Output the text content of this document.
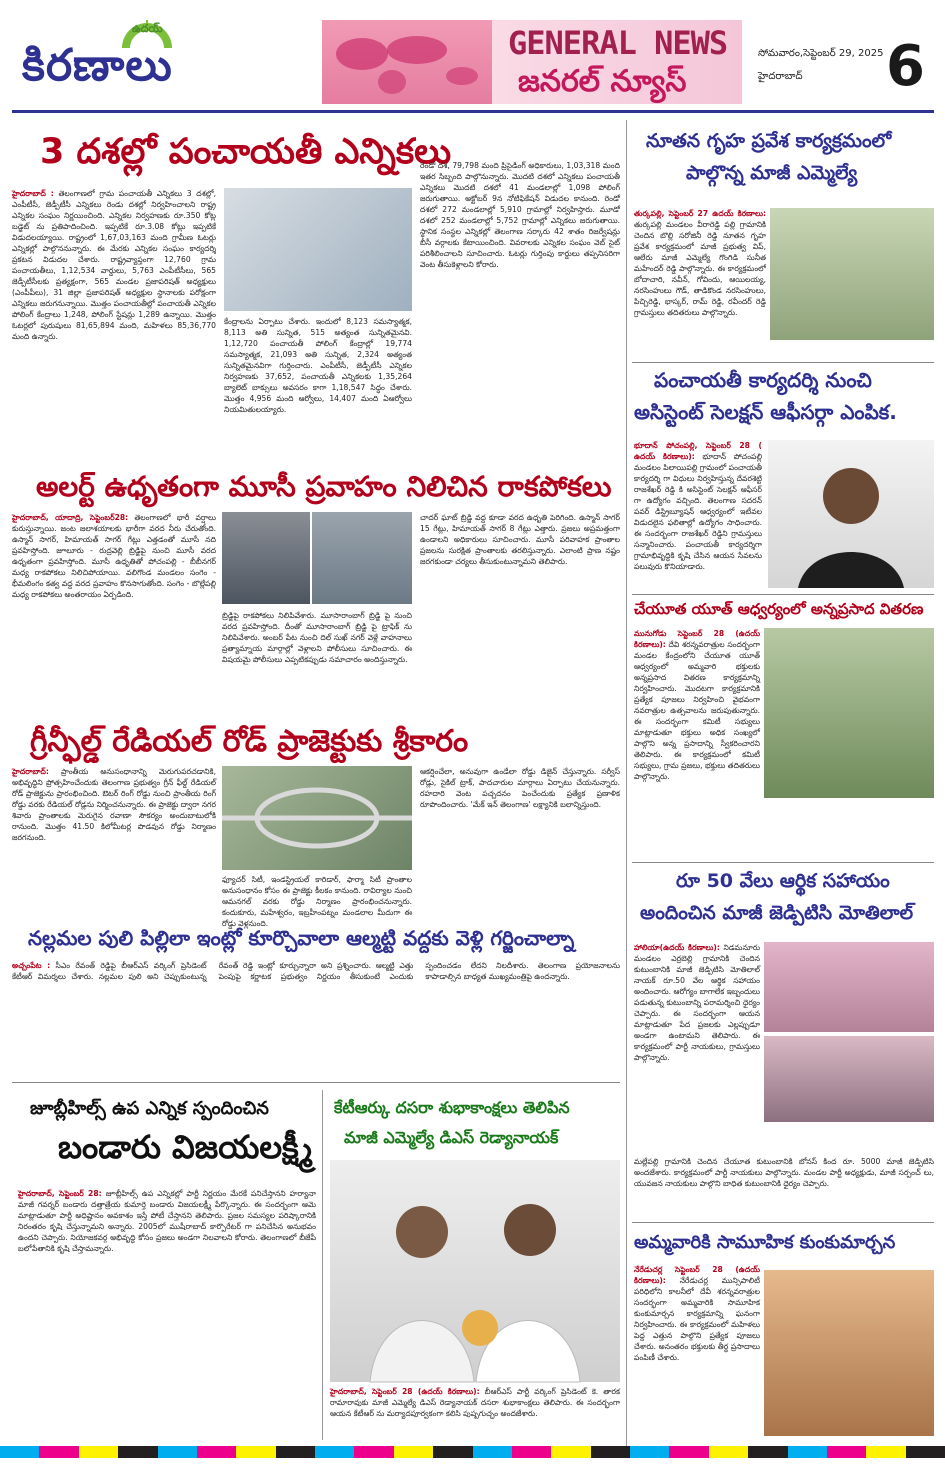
ఉదయ్
కిరణాలు	GENERAL NEWS
జనరల్ న్యూస్
సోమవారం,సెప్టెంబర్ 29, 2025
హైదరాబాద్ 6
3 దశల్లో పంచాయతీ ఎన్నికలు
హైదరాబాద్ : తెలంగాణలో గ్రామ పంచాయతీ ఎన్నికలు 3 దశల్లో, ఎంపీటీసీ, జెడ్పీటీసీ ఎన్నికలు రెండు దశల్లో నిర్వహించాలని రాష్ట్ర ఎన్నికల సంఘం నిర్ణయించింది. ఎన్నికల నిర్వహణకు రూ.350 కోట్ల బడ్జెట్ ను ప్రతిపాదించింది. ఇప్పటికే రూ.3.08 కోట్లు ఇప్పటికే విడుదలయ్యాయి. రాష్ట్రంలో 1,67,03,163 మంది గ్రామీణ ఓటర్లు ఎన్నికల్లో పాల్గొననున్నారు. ఈ మేరకు ఎన్నికల సంఘం కార్యదర్శి ప్రకటన విడుదల చేశారు. రాష్ట్రవ్యాప్తంగా 12,760 గ్రామ పంచాయతీలు, 1,12,534 వార్డులు, 5,763 ఎంపీటీసీలు, 565 జెడ్పీటీసీలకు ప్రత్యక్షంగా, 565 మండల ప్రజాపరిషత్ అధ్యక్షులు (ఎంపీపీలు), 31 జిల్లా ప్రజాపరిషత్ అధ్యక్షుల స్థానాలకు పరోక్షంగా ఎన్నికలు జరుగనున్నాయి. మొత్తం పంచాయతీల్లో పంచాయతీ ఎన్నికల పోలింగ్ కేంద్రాలు 1,248, పోలింగ్ స్టేషన్లు 1,289 ఉన్నాయి. మొత్తం ఓటర్లలో పురుషులు 81,65,894 మంది, మహిళలు 85,36,770 మంది ఉన్నారు.
కేంద్రాలను ఏర్పాటు చేశారు. ఇందులో 8,123 సమస్యాత్మక, 8,113 అతి సున్నిత, 515 అత్యంత సున్నితమైనవి. 1,12,720 పంచాయతీ పోలింగ్ కేంద్రాల్లో 19,774 సమస్యాత్మక, 21,093 అతి సున్నిత, 2,324 అత్యంత సున్నితమైనవిగా గుర్తించారు. ఎంపీటీసీ, జెడ్పీటీసీ ఎన్నికల నిర్వహణకు 37,652, పంచాయతీ ఎన్నికలకు 1,35,264 బ్యాలెట్ బాక్సులు అవసరం కాగా 1,18,547 సిద్ధం చేశారు. మొత్తం 4,956 మంది ఆర్వోలు, 14,407 మంది ఏఆర్వోలు నియమితులయ్యారు.
రెండో దశ, 79,798 మంది ప్రిసైడింగ్ అధికారులు, 1,03,318 మంది ఇతర సిబ్బంది పాల్గొనున్నారు. మొదటి దశలో ఎన్నికలు పంచాయతీ ఎన్నికలు మొదటి దశలో 41 మండలాల్లో 1,098 పోలింగ్ జరుగుతాయి. అక్టోబర్ 9న నోటిఫికేషన్ విడుదల కానుంది. రెండో దశలో 272 మండలాల్లో 5,910 గ్రామాల్లో నిర్వహిస్తారు. మూడో దశలో 252 మండలాల్లో 5,752 గ్రామాల్లో ఎన్నికలు జరుగుతాయి. స్థానిక సంస్థల ఎన్నికల్లో తెలంగాణ సర్కారు 42 శాతం రిజర్వేషన్లు బీసీ వర్గాలకు కేటాయించింది. వివరాలకు ఎన్నికల సంఘం వెబ్ సైట్ పరిశీలించాలని సూచించారు. ఓటర్లు గుర్తింపు కార్డులు తప్పనిసరిగా వెంట తీసుకెళ్లాలని కోరారు.
నూతన గృహ ప్రవేశ కార్యక్రమంలో
పాల్గొన్న మాజీ ఎమ్మెల్యే
తుర్కపల్లి, సెప్టెంబర్ 27 ఉదయ్ కిరణాలు: తుర్కపల్లి మండలం వీరారెడ్డి పల్లి గ్రామానికి చెందిన బొల్లి సరోజినీ రెడ్డి నూతన గృహ ప్రవేశ కార్యక్రమంలో మాజీ ప్రభుత్వ విప్, ఆలేరు మాజీ ఎమ్మెల్యే గొంగిడి సునీత మహేందర్ రెడ్డి పాల్గొన్నారు. ఈ కార్యక్రమంలో బోదాచారి, నవీన్, గోవిందు, ఆయిలయ్య, నరసింహులు గౌడ్, తాడికొండ నరసింహులు, పిచ్చిరెడ్డి, భాస్కర్, రామ్ రెడ్డి, రవీందర్ రెడ్డి గ్రామస్తులు తదితరులు పాల్గొన్నారు.
పంచాయతీ కార్యదర్శి నుంచి
అసిస్టెంట్ సెలక్షన్ ఆఫీసర్గా ఎంపిక.
భూదాన్ పోచంపల్లి, సెప్టెంబర్ 28 ( ఉదయ్ కిరణాలు): భూదాన్ పోచంపల్లి మండలం పిలాయిపల్లి గ్రామంలో పంచాయతీ కార్యదర్శి గా విధులు నిర్వహిస్తున్న దేవరశెట్టి రాజశేఖర్ రెడ్డి కి అసిస్టెంట్ సెలక్షన్ ఆఫీసర్ గా ఉద్యోగం వచ్చింది. తెలంగాణ సదరన్ పవర్ డిస్ట్రిబ్యూషన్ ఆధ్వర్యంలో ఇటీవల విడుదలైన ఫలితాల్లో ఉద్యోగం సాధించారు. ఈ సందర్భంగా రాజశేఖర్ రెడ్డిని గ్రామస్తులు సన్మానించారు. పంచాయతీ కార్యదర్శిగా గ్రామాభివృద్ధికి కృషి చేసిన ఆయన సేవలను పలువురు కొనియాడారు.
అలర్ట్ ఉధృతంగా మూసీ ప్రవాహం నిలిచిన రాకపోకలు
హైదరాబాద్, యాదాద్రి, సెప్టెంబర్28: తెలంగాణలో భారీ వర్షాలు కురుస్తున్నాయి. జంట జలాశయాలకు భారీగా వరద నీరు చేరుతోంది. ఉస్మాన్ సాగర్, హిమాయత్ సాగర్ గేట్లు ఎత్తడంతో మూసీ నది ప్రవహిస్తోంది. జూలూరు - రుద్రవెల్లి బ్రిడ్జిపై నుంచి మూసీ వరద ఉధృతంగా ప్రవహిస్తోంది. మూసీ ఉధృతితో పోచంపల్లి - బీబీనగర్ మధ్య రాకపోకలు నిలిచిపోయాయి. వలిగొండ మండలం సంగెం - భీమలింగం కత్వ వద్ద వరద ప్రవాహం కొనసాగుతోంది. సంగెం - బొల్లేపల్లి మధ్య రాకపోకలు అంతరాయం ఏర్పడింది.
బ్రిడ్జిపై రాకపోకలు నిలిపివేశారు. మూసారాంబాగ్ బ్రిడ్జి పై నుంచి వరద ప్రవహిస్తోంది. దీంతో మూసారాంబాగ్ బ్రిడ్జి పై ట్రాఫిక్ ను నిలిపివేశారు. అంబర్ పేట నుంచి దిల్ సుఖ్ నగర్ వెళ్లే వాహనాలు ప్రత్యామ్నాయ మార్గాల్లో వెళ్లాలని పోలీసులు సూచించారు. ఈ విషయమై పోలీసులు ఎప్పటికప్పుడు సమాచారం అందిస్తున్నారు.
చాదర్ ఘాట్ బ్రిడ్జి వద్ద కూడా వరద ఉధృతి పెరిగింది. ఉస్మాన్ సాగర్ 15 గేట్లు, హిమాయత్ సాగర్ 8 గేట్లు ఎత్తారు. ప్రజలు అప్రమత్తంగా ఉండాలని అధికారులు సూచించారు. మూసీ పరివాహక ప్రాంతాల ప్రజలను సురక్షిత ప్రాంతాలకు తరలిస్తున్నారు. ఎలాంటి ప్రాణ నష్టం జరగకుండా చర్యలు తీసుకుంటున్నామని తెలిపారు.
చేయూత యూత్ ఆధ్వర్యంలో అన్నప్రసాద వితరణ
మునుగోడు సెప్టెంబర్ 28 (ఉదయ్ కిరణాలు): దేవి శరన్నవరాత్రుల సందర్భంగా మండల కేంద్రంలోని చేయూత యూత్ ఆధ్వర్యంలో అమ్మవారి భక్తులకు అన్నప్రసాద వితరణ కార్యక్రమాన్ని నిర్వహించారు. మొదటగా కార్యక్రమానికి ప్రత్యేక పూజలు నిర్వహించి వైభవంగా నవరాత్రుల ఉత్సవాలను జరుపుతున్నారు. ఈ సందర్భంగా కమిటీ సభ్యులు మాట్లాడుతూ భక్తులు అధిక సంఖ్యలో పాల్గొని అన్న ప్రసాదాన్ని స్వీకరించారని తెలిపారు. ఈ కార్యక్రమంలో కమిటీ సభ్యులు, గ్రామ ప్రజలు, భక్తులు తదితరులు పాల్గొన్నారు.
గ్రీన్ఫీల్డ్ రేడియల్ రోడ్ ప్రాజెక్టుకు శ్రీకారం
హైదరాబాద్: ప్రాంతీయ అనుసంధానాన్ని మెరుగుపరచడానికి, అభివృద్ధిని ప్రోత్సహించేందుకు తెలంగాణ ప్రభుత్వం గ్రీన్ ఫీల్డ్ రేడియల్ రోడ్ ప్రాజెక్టును ప్రారంభించింది. ఔటర్ రింగ్ రోడ్డు నుంచి ప్రాంతీయ రింగ్ రోడ్డు వరకు రేడియల్ రోడ్లను నిర్మించనున్నారు. ఈ ప్రాజెక్టు ద్వారా నగర శివారు ప్రాంతాలకు మెరుగైన రవాణా సౌకర్యం అందుబాటులోకి రానుంది. మొత్తం 41.50 కిలోమీటర్ల పొడవున రోడ్డు నిర్మాణం జరగనుంది.
ఫ్యూచర్ సిటీ, ఇండస్ట్రియల్ కారిడార్, ఫార్మా సిటీ ప్రాంతాల అనుసంధానం కోసం ఈ ప్రాజెక్టు కీలకం కానుంది. రావిర్యాల నుంచి ఆమనగల్ వరకు రోడ్డు నిర్మాణం ప్రారంభించనున్నారు. కందుకూరు, మహేశ్వరం, ఇబ్రహీంపట్నం మండలాల మీదుగా ఈ రోడ్డు వెళ్లనుంది.
ఆకర్షించేలా, అనువుగా ఉండేలా రోడ్డు డిజైన్ చేస్తున్నారు. సర్వీస్ రోడ్లు, సైకిల్ ట్రాక్, పాదచారుల మార్గాలు ఏర్పాటు చేయనున్నారు. రహదారి వెంట పచ్చదనం పెంచేందుకు ప్రత్యేక ప్రణాళిక రూపొందించారు. 'మేక్ ఇన్ తెలంగాణ' లక్ష్యానికి బలాన్నిస్తుంది.
రూ 50 వేలు ఆర్థిక సహాయం
అందించిన మాజీ జెడ్పిటిసి మోతిలాల్
హాలియా(ఉదయ్ కిరణాలు): నిడమనూరు మండలం ఎర్రబెల్లి గ్రామానికి చెందిన కుటుంబానికి మాజీ జెడ్పిటిసి మోతిలాల్ నాయక్ రూ.50 వేల ఆర్థిక సహాయం అందించారు. ఆరోగ్యం బాగాలేక ఇబ్బందులు పడుతున్న కుటుంబాన్ని పరామర్శించి ధైర్యం చెప్పారు. ఈ సందర్భంగా ఆయన మాట్లాడుతూ పేద ప్రజలకు ఎల్లప్పుడూ అండగా ఉంటామని తెలిపారు. ఈ కార్యక్రమంలో పార్టీ నాయకులు, గ్రామస్తులు పాల్గొన్నారు.
మల్లేపల్లి గ్రామానికి చెందిన చేయూత కుటుంబానికి బోనస్ కింద రూ. 5000 మాజీ జెడ్పిటిసి అందజేశారు. కార్యక్రమంలో పార్టీ నాయకులు పాల్గొన్నారు. మండల పార్టీ అధ్యక్షుడు, మాజీ సర్పంచ్ లు, యువజన నాయకులు పాల్గొని బాధిత కుటుంబానికి ధైర్యం చెప్పారు.
నల్లమల పులి పిల్లిలా ఇంట్లో కూర్చొవాలా ఆల్మట్టి వద్దకు వెళ్లి గర్జించాల్నా
అచ్చంపేట : సీఎం రేవంత్ రెడ్డిపై బీఆర్ఎస్ వర్కింగ్ ప్రెసిడెంట్ కేటీఆర్ విమర్శలు చేశారు. నల్లమల పులి అని చెప్పుకుంటున్న రేవంత్ రెడ్డి ఇంట్లో కూర్చున్నారా అని ప్రశ్నించారు. ఆల్మట్టి ఎత్తు పెంపుపై కర్ణాటక ప్రభుత్వం నిర్ణయం తీసుకుంటే ఎందుకు స్పందించడం లేదని నిలదీశారు. తెలంగాణ ప్రయోజనాలను కాపాడాల్సిన బాధ్యత ముఖ్యమంత్రిపై ఉందన్నారు.
జూబ్లీహిల్స్ ఉప ఎన్నిక స్పందించిన
బండారు విజయలక్ష్మీ
హైదరాబాద్, సెప్టెంబర్ 28: జూబ్లీహిల్స్ ఉప ఎన్నికల్లో పార్టీ నిర్ణయం మేరకే పనిచేస్తానని హర్యానా మాజీ గవర్నర్ బండారు దత్తాత్రేయ కుమార్తె బండారు విజయలక్ష్మీ పేర్కొన్నారు. ఈ సందర్భంగా ఆమె మాట్లాడుతూ పార్టీ అధిష్టానం అవకాశం ఇస్తే పోటీ చేస్తానని తెలిపారు. ప్రజల సమస్యల పరిష్కారానికి నిరంతరం కృషి చేస్తున్నామని అన్నారు. 2005లో ముషీరాబాద్ కార్పొరేటర్ గా పనిచేసిన అనుభవం ఉందని చెప్పారు. నియోజకవర్గ అభివృద్ధి కోసం ప్రజలు అండగా నిలవాలని కోరారు. తెలంగాణలో బీజేపీ బలోపేతానికి కృషి చేస్తామన్నారు.
కేటీఆర్కు దసరా శుభాకాంక్షలు తెలిపిన
మాజీ ఎమ్మెల్యే డిఎస్ రెడ్యానాయక్
హైదరాబాద్, సెప్టెంబర్ 28 (ఉదయ్ కిరణాలు): బీఆర్ఎస్ పార్టీ వర్కింగ్ ప్రెసిడెంట్ కె. తారక రామారావుకు మాజీ ఎమ్మెల్యే డిఎస్ రెడ్యానాయక్ దసరా శుభాకాంక్షలు తెలిపారు. ఈ సందర్భంగా ఆయన కేటీఆర్ ను మర్యాదపూర్వకంగా కలిసి పుష్పగుచ్ఛం అందజేశారు.
అమ్మవారికి సామూహిక కుంకుమార్చన
నేరేడుచర్ల సెప్టెంబర్ 28 (ఉదయ్ కిరణాలు): నేరేడుచర్ల మున్సిపాలిటీ పరిధిలోని కాలనీలో దేవీ శరన్నవరాత్రుల సందర్భంగా అమ్మవారికి సామూహిక కుంకుమార్చన కార్యక్రమాన్ని ఘనంగా నిర్వహించారు. ఈ కార్యక్రమంలో మహిళలు పెద్ద ఎత్తున పాల్గొని ప్రత్యేక పూజలు చేశారు. అనంతరం భక్తులకు తీర్థ ప్రసాదాలు పంపిణీ చేశారు.
